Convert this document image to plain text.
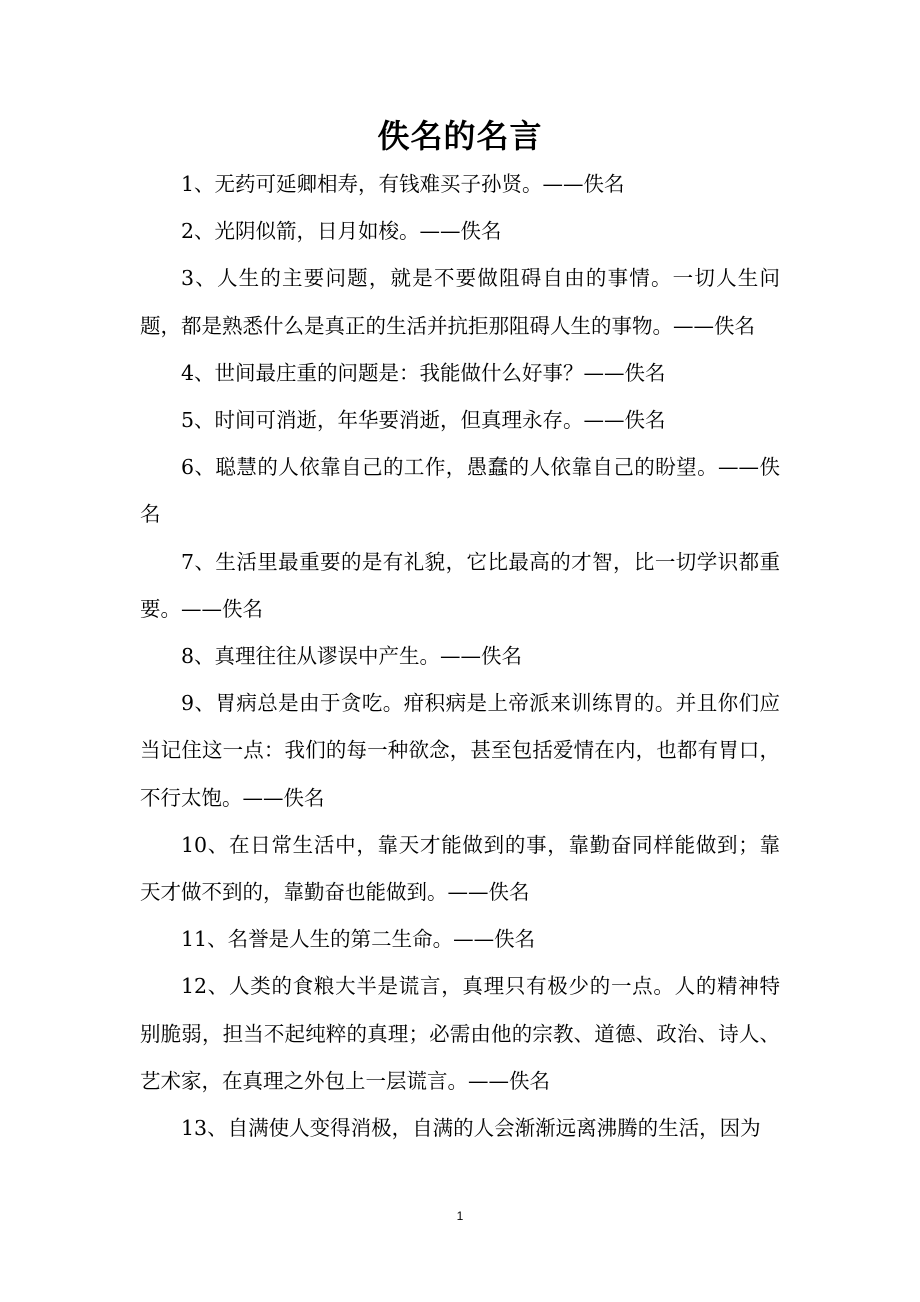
佚名的名言

1、无药可延卿相寿，有钱难买子孙贤。——佚名

2、光阴似箭，日月如梭。——佚名

3、人生的主要问题，就是不要做阻碍自由的事情。一切人生问题，都是熟悉什么是真正的生活并抗拒那阻碍人生的事物。——佚名

4、世间最庄重的问题是：我能做什么好事？——佚名

5、时间可消逝，年华要消逝，但真理永存。——佚名

6、聪慧的人依靠自己的工作，愚蠢的人依靠自己的盼望。——佚名

7、生活里最重要的是有礼貌，它比最高的才智，比一切学识都重要。——佚名

8、真理往往从谬误中产生。——佚名

9、胃病总是由于贪吃。疳积病是上帝派来训练胃的。并且你们应当记住这一点：我们的每一种欲念，甚至包括爱情在内，也都有胃口，不行太饱。——佚名

10、在日常生活中，靠天才能做到的事，靠勤奋同样能做到；靠天才做不到的，靠勤奋也能做到。——佚名

11、名誉是人生的第二生命。——佚名

12、人类的食粮大半是谎言，真理只有极少的一点。人的精神特别脆弱，担当不起纯粹的真理；必需由他的宗教、道德、政治、诗人、艺术家，在真理之外包上一层谎言。——佚名

13、自满使人变得消极，自满的人会渐渐远离沸腾的生活，因为

1
